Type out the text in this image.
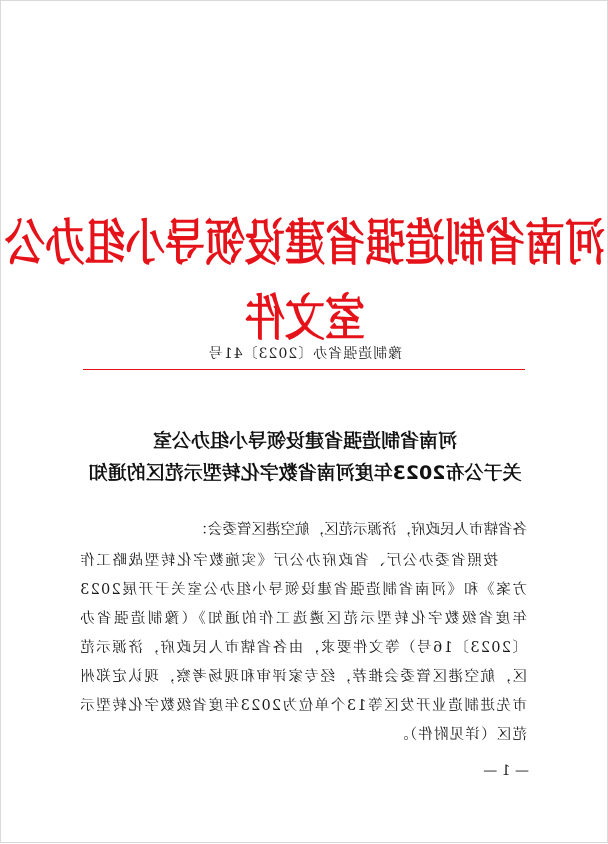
河南省制造强省建设领导小组办公室文件
豫制造强省办〔2023〕41号
河南省制造强省建设领导小组办公室
关于公布2023年度河南省数字化转型示范区的通知
各省辖市人民政府，济源示范区，航空港区管委会：
按照省委办公厅、省政府办公厅《实施数字化转型战略工作方案》和《河南省制造强省建设领导小组办公室关于开展2023年度省级数字化转型示范区遴选工作的通知》（豫制造强省办〔2023〕16号）等文件要求，由各省辖市人民政府，济源示范区，航空港区管委会推荐，经专家评审和现场考察，现认定郑州市先进制造业开发区等13个单位为2023年度省级数字化转型示范区（详见附件）。
— 1 —
